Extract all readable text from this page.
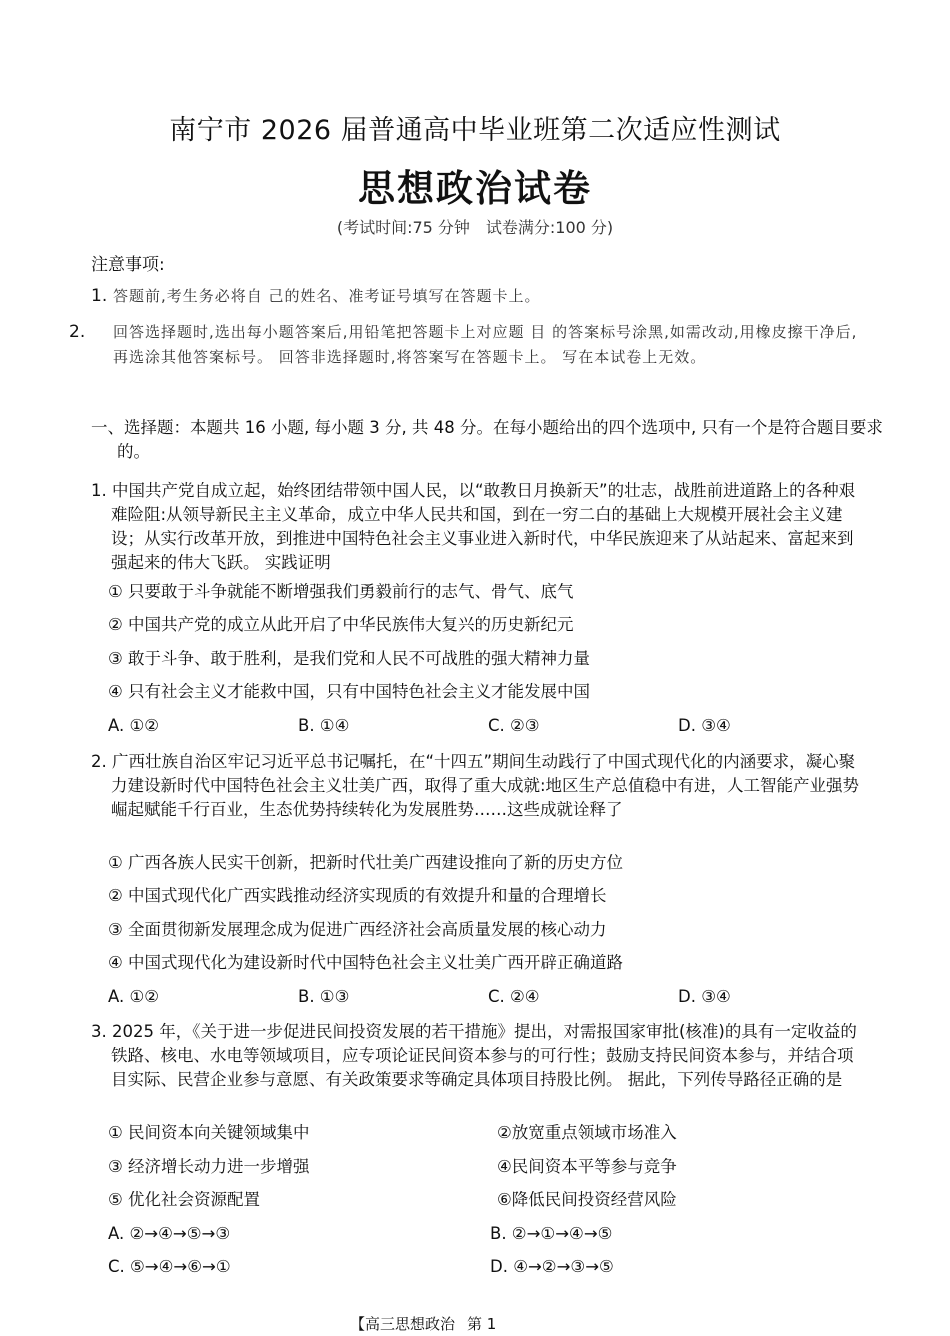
南宁市 2026 届普通高中毕业班第二次适应性测试
思想政治试卷
(考试时间:75 分钟　试卷满分:100 分)
注意事项:
1. 答题前,考生务必将自 己的姓名、准考证号填写在答题卡上。
2. 回答选择题时,选出每小题答案后,用铅笔把答题卡上对应题 目 的答案标号涂黑,如需改动,用橡皮擦干净后,再选涂其他答案标号。 回答非选择题时,将答案写在答题卡上。 写在本试卷上无效。
一、选择题：本题共 16 小题, 每小题 3 分, 共 48 分。在每小题给出的四个选项中, 只有一个是符合题目要求的。
1. 中国共产党自成立起，始终团结带领中国人民，以“敢教日月换新天”的壮志，战胜前进道路上的各种艰难险阻:从领导新民主主义革命，成立中华人民共和国，到在一穷二白的基础上大规模开展社会主义建设；从实行改革开放，到推进中国特色社会主义事业进入新时代，中华民族迎来了从站起来、富起来到强起来的伟大飞跃。 实践证明
① 只要敢于斗争就能不断增强我们勇毅前行的志气、骨气、底气
② 中国共产党的成立从此开启了中华民族伟大复兴的历史新纪元
③ 敢于斗争、敢于胜利，是我们党和人民不可战胜的强大精神力量
④ 只有社会主义才能救中国，只有中国特色社会主义才能发展中国
A. ①②	B. ①④	C. ②③	D. ③④
2. 广西壮族自治区牢记习近平总书记嘱托，在“十四五”期间生动践行了中国式现代化的内涵要求，凝心聚力建设新时代中国特色社会主义壮美广西，取得了重大成就:地区生产总值稳中有进，人工智能产业强势崛起赋能千行百业，生态优势持续转化为发展胜势……这些成就诠释了
① 广西各族人民实干创新，把新时代壮美广西建设推向了新的历史方位
② 中国式现代化广西实践推动经济实现质的有效提升和量的合理增长
③ 全面贯彻新发展理念成为促进广西经济社会高质量发展的核心动力
④ 中国式现代化为建设新时代中国特色社会主义壮美广西开辟正确道路
A. ①②	B. ①③	C. ②④	D. ③④
3. 2025 年，《关于进一步促进民间投资发展的若干措施》提出，对需报国家审批(核准)的具有一定收益的铁路、核电、水电等领域项目，应专项论证民间资本参与的可行性；鼓励支持民间资本参与，并结合项目实际、民营企业参与意愿、有关政策要求等确定具体项目持股比例。 据此，下列传导路径正确的是
① 民间资本向关键领域集中	②放宽重点领域市场准入
③ 经济增长动力进一步增强	④民间资本平等参与竞争
⑤ 优化社会资源配置	⑥降低民间投资经营风险
A. ②→④→⑤→③	B. ②→①→④→⑤
C. ⑤→④→⑥→①	D. ④→②→③→⑤
【高三思想政治 第 1
